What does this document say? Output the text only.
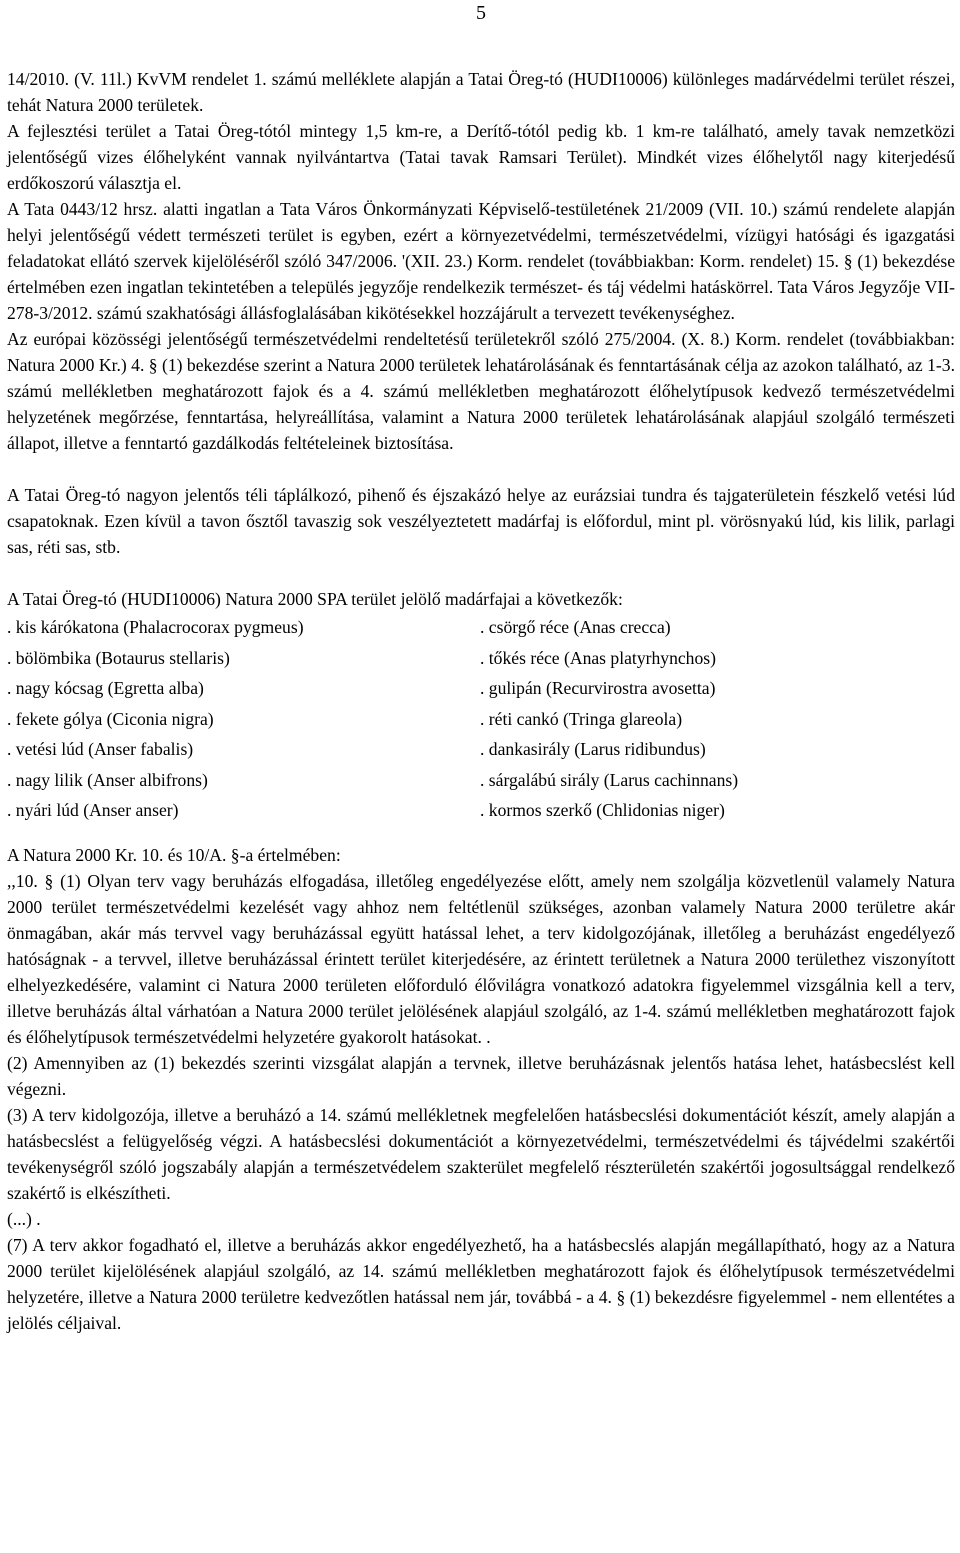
5

14/2010. (V. 11l.) KvVM rendelet 1. számú melléklete alapján a Tatai Öreg-tó (HUDI10006) különleges madárvédelmi terület részei, tehát Natura 2000 területek.

A fejlesztési terület a Tatai Öreg-tótól mintegy 1,5 km-re, a Derítő-tótól pedig kb. 1 km-re található, amely tavak nemzetközi jelentőségű vizes élőhelyként vannak nyilvántartva (Tatai tavak Ramsari Terület). Mindkét vizes élőhelytől nagy kiterjedésű erdőkoszorú választja el.

A Tata 0443/12 hrsz. alatti ingatlan a Tata Város Önkormányzati Képviselő-testületének 21/2009 (VII. 10.) számú rendelete alapján helyi jelentőségű védett természeti terület is egyben, ezért a környezetvédelmi, természetvédelmi, vízügyi hatósági és igazgatási feladatokat ellátó szervek kijelöléséről szóló 347/2006. '(XII. 23.) Korm. rendelet (továbbiakban: Korm. rendelet) 15. § (1) bekezdése értelmében ezen ingatlan tekintetében a település jegyzője rendelkezik természet- és táj védelmi hatáskörrel. Tata Város Jegyzője VII-278-3/2012. számú szakhatósági állásfoglalásában kikötésekkel hozzájárult a tervezett tevékenységhez.

Az európai közösségi jelentőségű természetvédelmi rendeltetésű területekről szóló 275/2004. (X. 8.) Korm. rendelet (továbbiakban: Natura 2000 Kr.) 4. § (1) bekezdése szerint a Natura 2000 területek lehatárolásának és fenntartásának célja az azokon található, az 1-3. számú mellékletben meghatározott fajok és a 4. számú mellékletben meghatározott élőhelytípusok kedvező természetvédelmi helyzetének megőrzése, fenntartása, helyreállítása, valamint a Natura 2000 területek lehatárolásának alapjául szolgáló természeti állapot, illetve a fenntartó gazdálkodás feltételeinek biztosítása.

A Tatai Öreg-tó nagyon jelentős téli táplálkozó, pihenő és éjszakázó helye az eurázsiai tundra és tajgaterületein fészkelő vetési lúd csapatoknak. Ezen kívül a tavon ősztől tavaszig sok veszélyeztetett madárfaj is előfordul, mint pl. vörösnyakú lúd, kis lilik, parlagi sas, réti sas, stb.

A Tatai Öreg-tó (HUDI10006) Natura 2000 SPA terület jelölő madárfajai a következők:

. kis kárókatona (Phalacrocorax pygmeus)	. csörgő réce (Anas crecca)
. bölömbika (Botaurus stellaris)	. tőkés réce (Anas platyrhynchos)
. nagy kócsag (Egretta alba)	. gulipán (Recurvirostra avosetta)
. fekete gólya (Ciconia nigra)	. réti cankó (Tringa glareola)
. vetési lúd (Anser fabalis)	. dankasirály (Larus ridibundus)
. nagy lilik (Anser albifrons)	. sárgalábú sirály (Larus cachinnans)
. nyári lúd (Anser anser)	. kormos szerkő (Chlidonias niger)

A Natura 2000 Kr. 10. és 10/A. §-a értelmében:

,,10. § (1) Olyan terv vagy beruházás elfogadása, illetőleg engedélyezése előtt, amely nem szolgálja közvetlenül valamely Natura 2000 terület természetvédelmi kezelését vagy ahhoz nem feltétlenül szükséges, azonban valamely Natura 2000 területre akár önmagában, akár más tervvel vagy beruházással együtt hatással lehet, a terv kidolgozójának, illetőleg a beruházást engedélyező hatóságnak - a tervvel, illetve beruházással érintett terület kiterjedésére, az érintett területnek a Natura 2000 területhez viszonyított elhelyezkedésére, valamint ci Natura 2000 területen előforduló élővilágra vonatkozó adatokra figyelemmel vizsgálnia kell a terv, illetve beruházás által várhatóan a Natura 2000 terület jelölésének alapjául szolgáló, az 1-4. számú mellékletben meghatározott fajok és élőhelytípusok természetvédelmi helyzetére gyakorolt hatásokat. .

(2) Amennyiben az (1) bekezdés szerinti vizsgálat alapján a tervnek, illetve beruházásnak jelentős hatása lehet, hatásbecslést kell végezni.

(3) A terv kidolgozója, illetve a beruházó a 14. számú mellékletnek megfelelően hatásbecslési dokumentációt készít, amely alapján a hatásbecslést a felügyelőség végzi. A hatásbecslési dokumentációt a környezetvédelmi, természetvédelmi és tájvédelmi szakértői tevékenységről szóló jogszabály alapján a természetvédelem szakterület megfelelő részterületén szakértői jogosultsággal rendelkező szakértő is elkészítheti.

(...) .

(7) A terv akkor fogadható el, illetve a beruházás akkor engedélyezhető, ha a hatásbecslés alapján megállapítható, hogy az a Natura 2000 terület kijelölésének alapjául szolgáló, az 14. számú mellékletben meghatározott fajok és élőhelytípusok természetvédelmi helyzetére, illetve a Natura 2000 területre kedvezőtlen hatással nem jár, továbbá - a 4. § (1) bekezdésre figyelemmel - nem ellentétes a jelölés céljaival.
